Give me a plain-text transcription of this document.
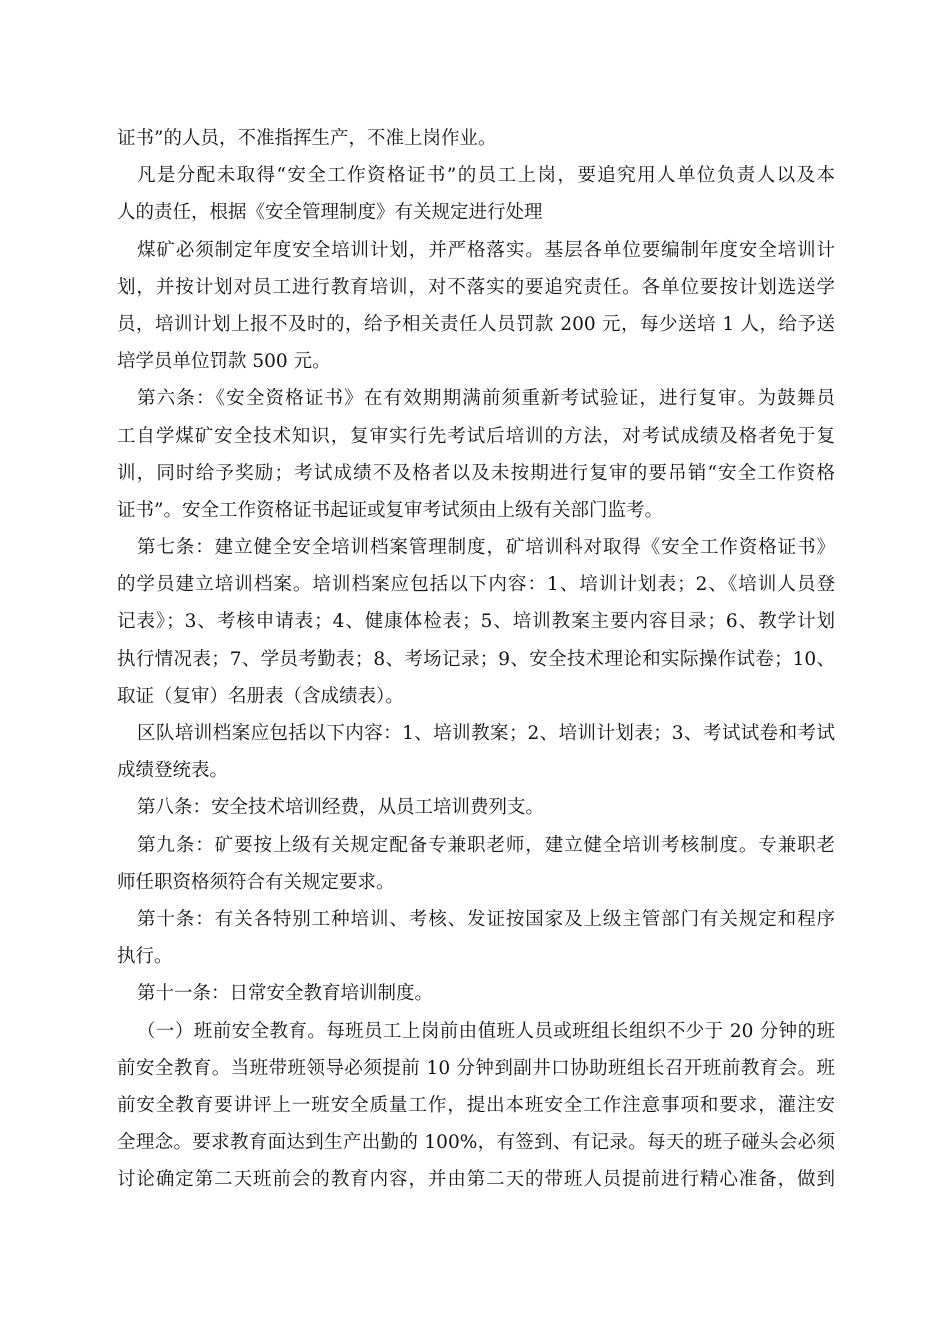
证书”的人员，不准指挥生产，不准上岗作业。
凡是分配未取得“安全工作资格证书”的员工上岗，要追究用人单位负责人以及本
人的责任，根据《安全管理制度》有关规定进行处理
煤矿必须制定年度安全培训计划，并严格落实。基层各单位要编制年度安全培训计
划，并按计划对员工进行教育培训，对不落实的要追究责任。各单位要按计划选送学
员，培训计划上报不及时的，给予相关责任人员罚款 200 元，每少送培 1 人，给予送
培学员单位罚款 500 元。
第六条：《安全资格证书》在有效期期满前须重新考试验证，进行复审。为鼓舞员
工自学煤矿安全技术知识，复审实行先考试后培训的方法，对考试成绩及格者免于复
训，同时给予奖励；考试成绩不及格者以及未按期进行复审的要吊销“安全工作资格
证书”。安全工作资格证书起证或复审考试须由上级有关部门监考。
第七条：建立健全安全培训档案管理制度，矿培训科对取得《安全工作资格证书》
的学员建立培训档案。培训档案应包括以下内容：1、培训计划表；2、《培训人员登
记表》；3、考核申请表；4、健康体检表；5、培训教案主要内容目录；6、教学计划
执行情况表；7、学员考勤表；8、考场记录；9、安全技术理论和实际操作试卷；10、
取证（复审）名册表（含成绩表）。
区队培训档案应包括以下内容：1、培训教案；2、培训计划表；3、考试试卷和考试
成绩登统表。
第八条：安全技术培训经费，从员工培训费列支。
第九条：矿要按上级有关规定配备专兼职老师，建立健全培训考核制度。专兼职老
师任职资格须符合有关规定要求。
第十条：有关各特别工种培训、考核、发证按国家及上级主管部门有关规定和程序
执行。
第十一条：日常安全教育培训制度。
（一）班前安全教育。每班员工上岗前由值班人员或班组长组织不少于 20 分钟的班
前安全教育。当班带班领导必须提前 10 分钟到副井口协助班组长召开班前教育会。班
前安全教育要讲评上一班安全质量工作，提出本班安全工作注意事项和要求，灌注安
全理念。要求教育面达到生产出勤的 100%，有签到、有记录。每天的班子碰头会必须
讨论确定第二天班前会的教育内容，并由第二天的带班人员提前进行精心准备，做到
